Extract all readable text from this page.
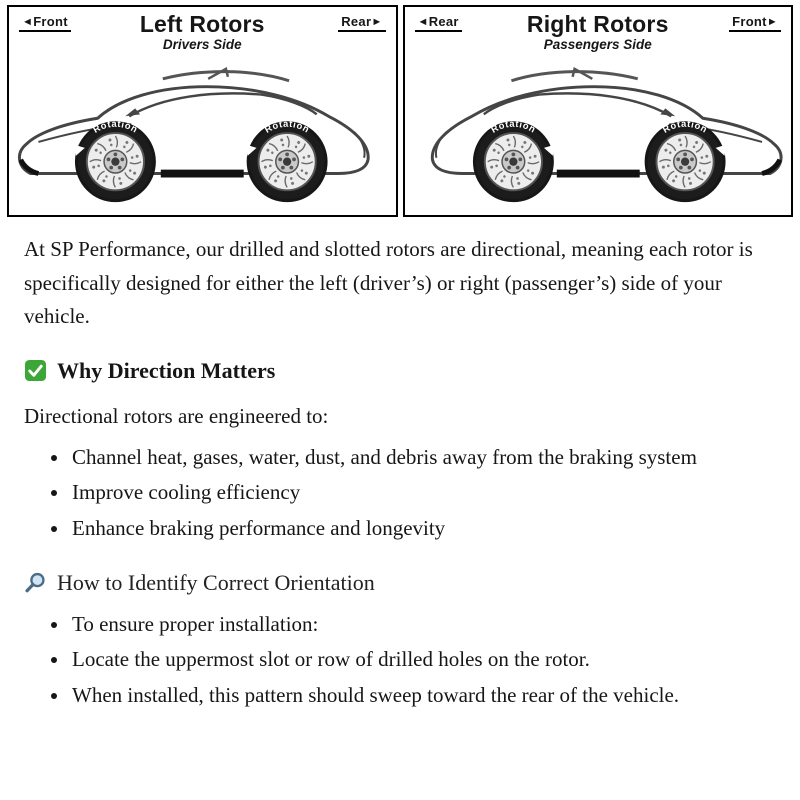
◄Front	Left Rotors
Drivers Side
Rear►
Rotation	Rotation
◄Rear	Right Rotors
Passengers Side
Front►
Rotation	Rotation

At SP Performance, our drilled and slotted rotors are directional, meaning each rotor is specifically designed for either the left (driver’s) or right (passenger’s) side of your vehicle.

Why Direction Matters

Directional rotors are engineered to:

• Channel heat, gases, water, dust, and debris away from the braking system
• Improve cooling efficiency
• Enhance braking performance and longevity
How to Identify Correct Orientation
• To ensure proper installation:
• Locate the uppermost slot or row of drilled holes on the rotor.
• When installed, this pattern should sweep toward the rear of the vehicle.
